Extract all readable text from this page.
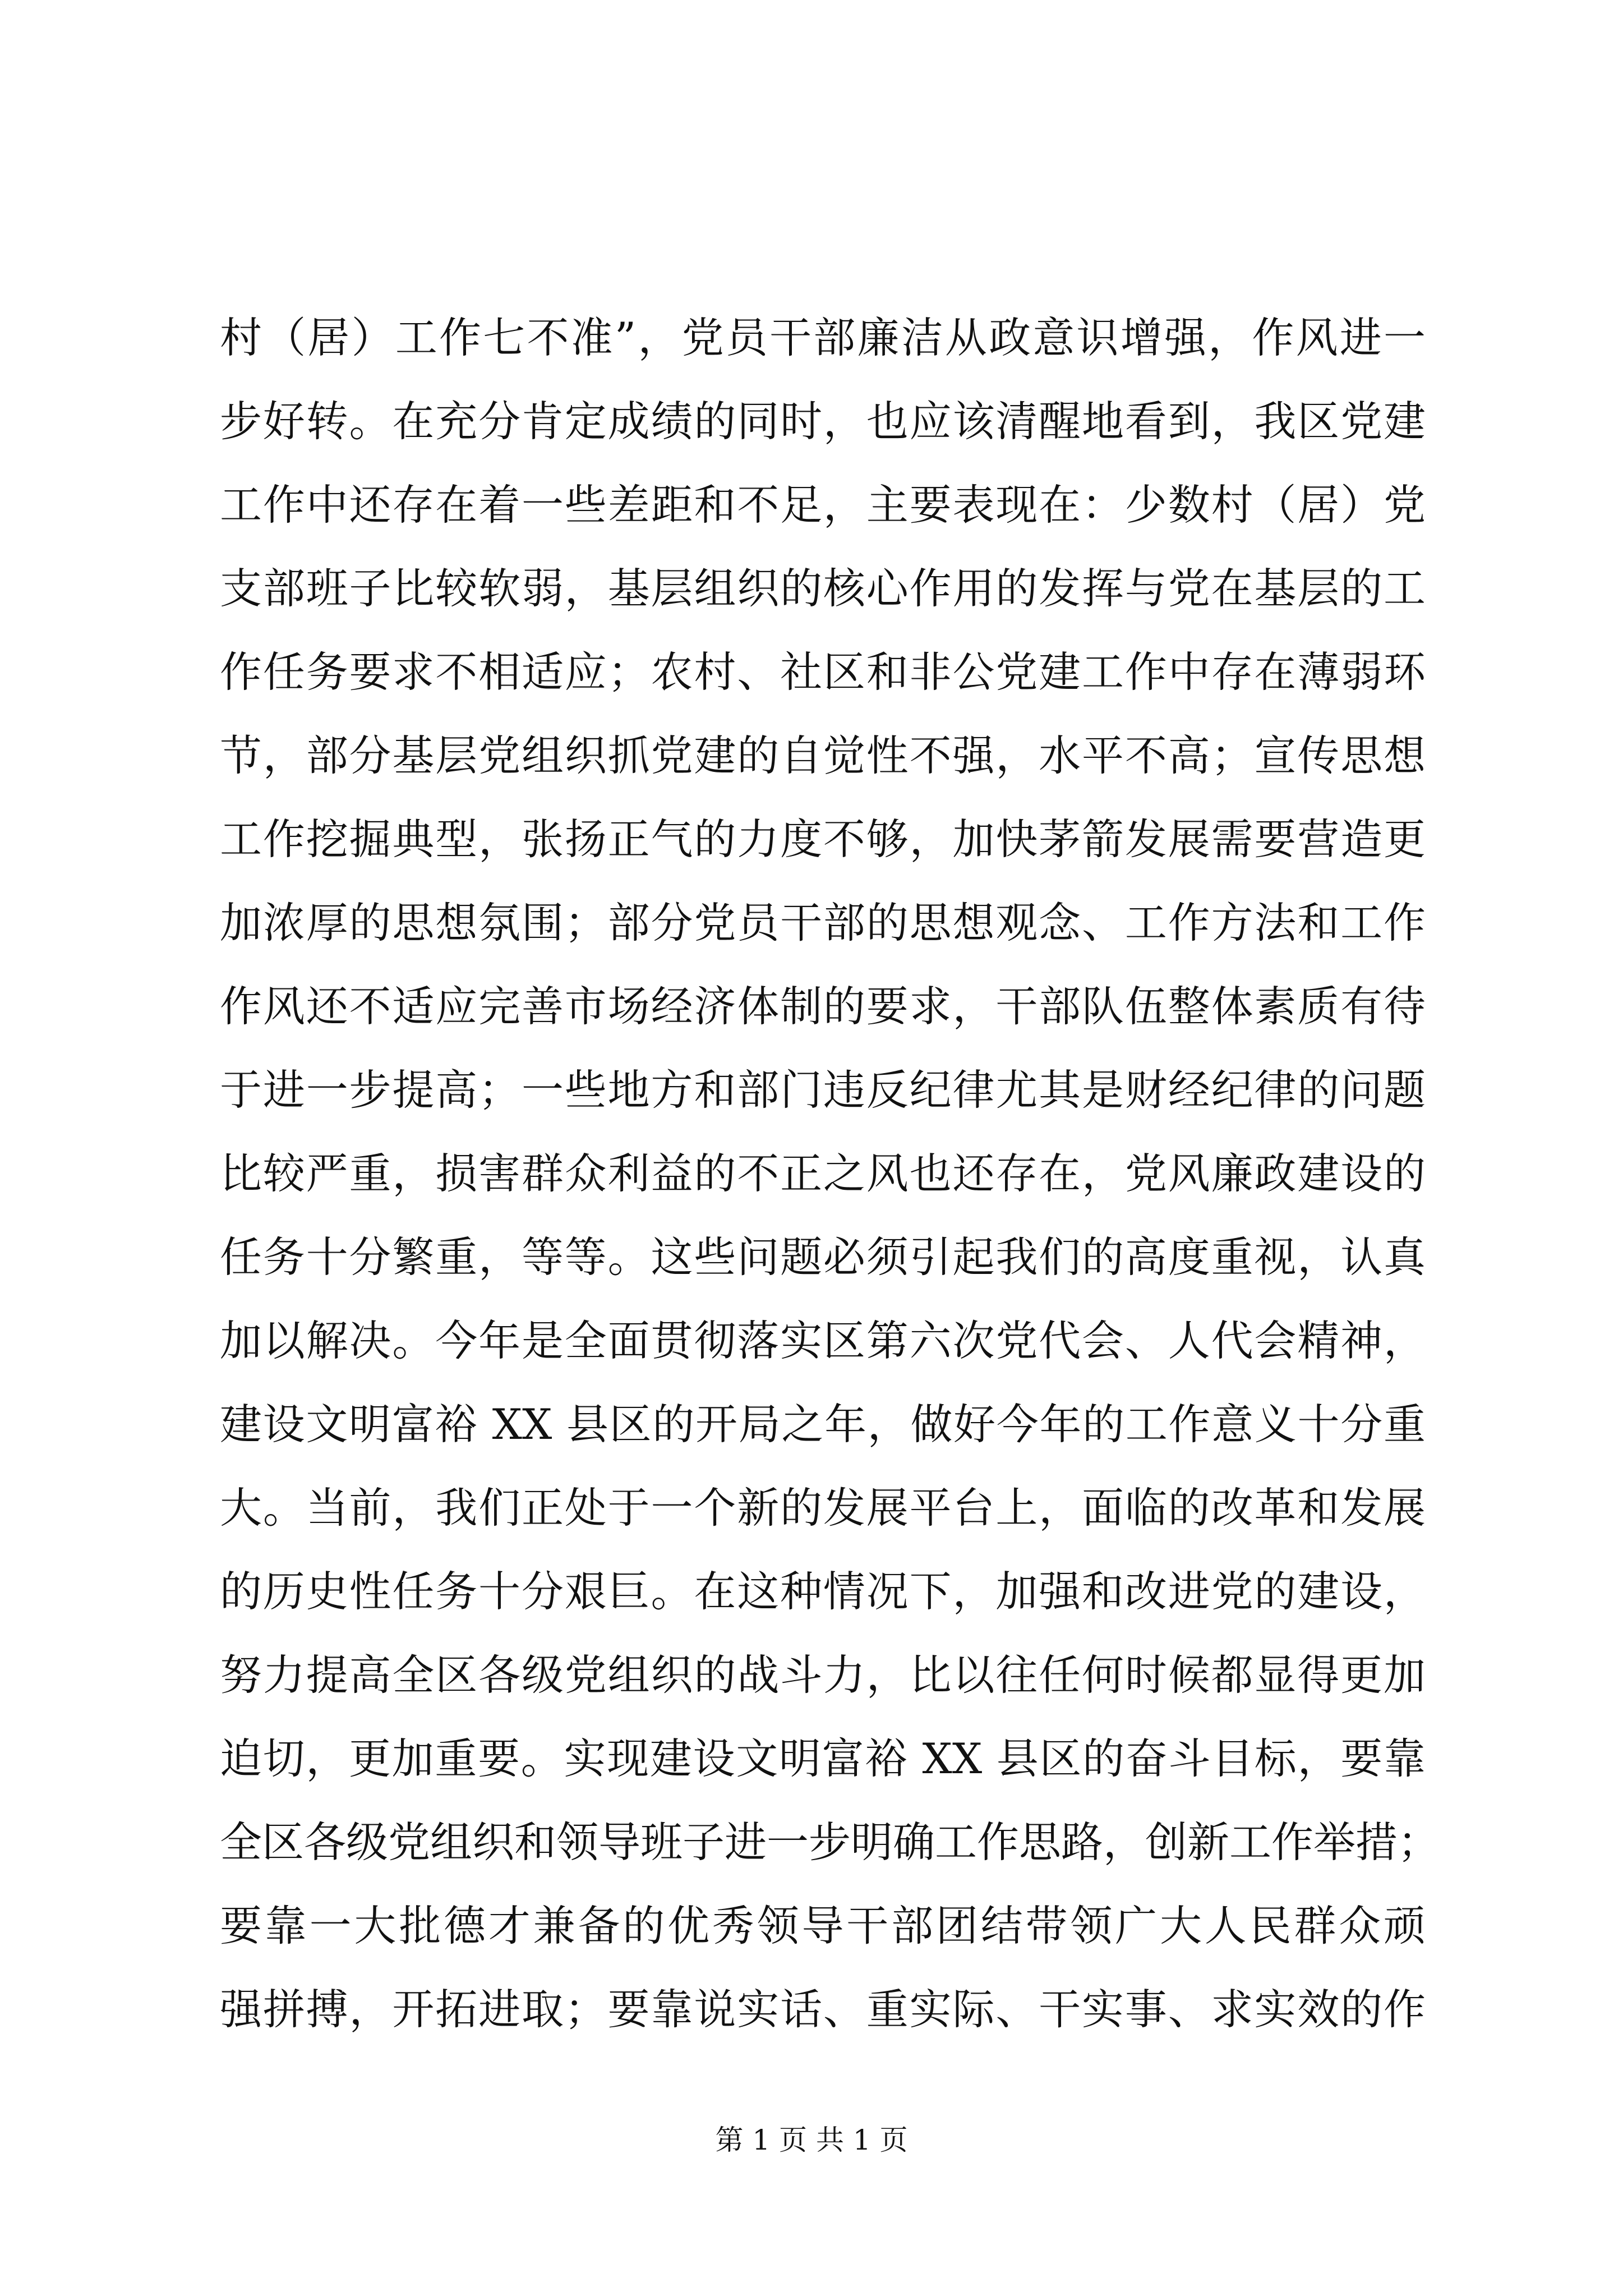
村（居）工作七不准”，党员干部廉洁从政意识增强，作风进一
步好转。在充分肯定成绩的同时，也应该清醒地看到，我区党建
工作中还存在着一些差距和不足，主要表现在：少数村（居）党
支部班子比较软弱，基层组织的核心作用的发挥与党在基层的工
作任务要求不相适应；农村、社区和非公党建工作中存在薄弱环
节，部分基层党组织抓党建的自觉性不强，水平不高；宣传思想
工作挖掘典型，张扬正气的力度不够，加快茅箭发展需要营造更
加浓厚的思想氛围；部分党员干部的思想观念、工作方法和工作
作风还不适应完善市场经济体制的要求，干部队伍整体素质有待
于进一步提高；一些地方和部门违反纪律尤其是财经纪律的问题
比较严重，损害群众利益的不正之风也还存在，党风廉政建设的
任务十分繁重，等等。这些问题必须引起我们的高度重视，认真
加以解决。今年是全面贯彻落实区第六次党代会、人代会精神，
建设文明富裕 XX 县区的开局之年，做好今年的工作意义十分重
大。当前，我们正处于一个新的发展平台上，面临的改革和发展
的历史性任务十分艰巨。在这种情况下，加强和改进党的建设，
努力提高全区各级党组织的战斗力，比以往任何时候都显得更加
迫切，更加重要。实现建设文明富裕 XX 县区的奋斗目标，要靠
全区各级党组织和领导班子进一步明确工作思路，创新工作举措；
要靠一大批德才兼备的优秀领导干部团结带领广大人民群众顽
强拼搏，开拓进取；要靠说实话、重实际、干实事、求实效的作
第 1 页 共 1 页
